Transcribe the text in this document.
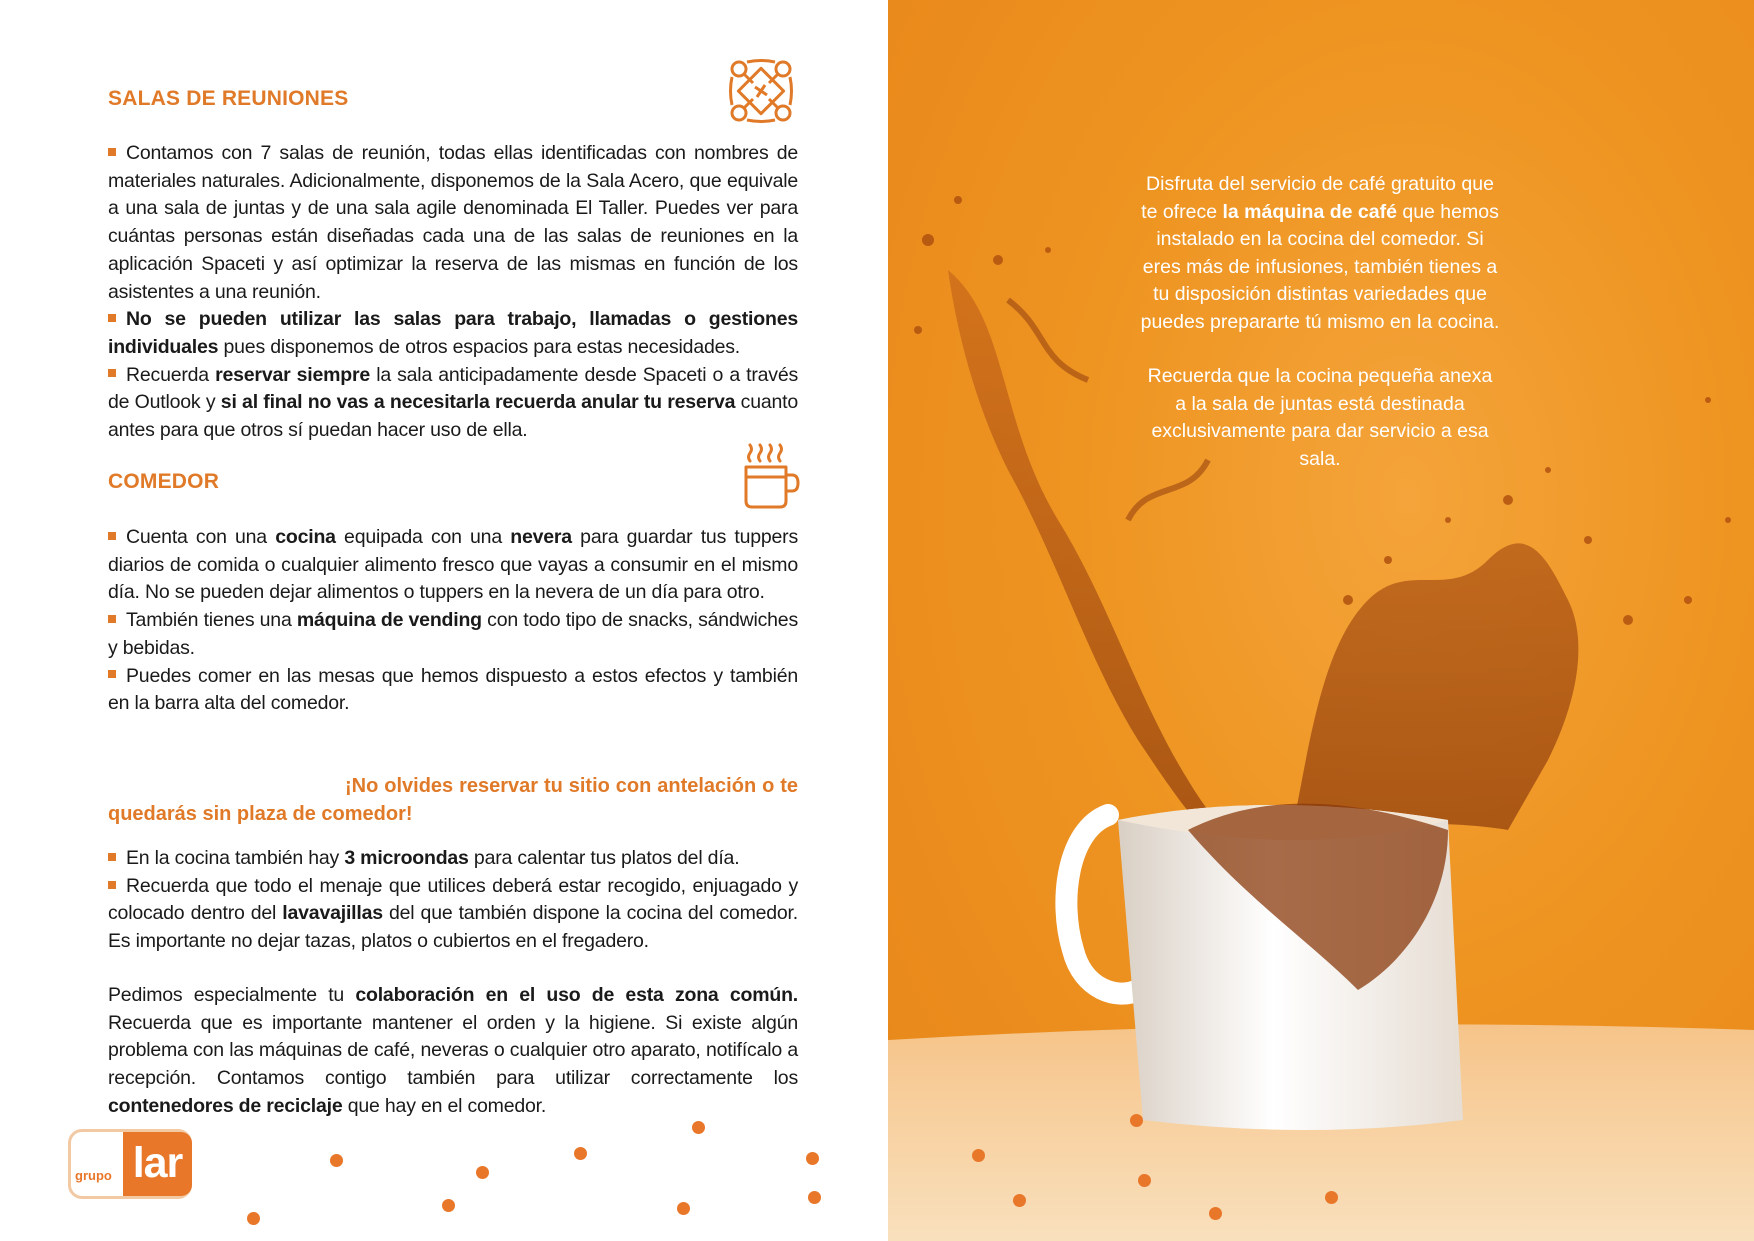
SALAS DE REUNIONES

Contamos con 7 salas de reunión, todas ellas identificadas con nombres de materiales naturales. Adicionalmente, disponemos de la Sala Acero, que equivale a una sala de juntas y de una sala agile denominada El Taller. Puedes ver para cuántas personas están diseñadas cada una de las salas de reuniones en la aplicación Spaceti y así optimizar la reserva de las mismas en función de los asistentes a una reunión.

No se pueden utilizar las salas para trabajo, llamadas o gestiones individuales pues disponemos de otros espacios para estas necesidades.

Recuerda reservar siempre la sala anticipadamente desde Spaceti o a través de Outlook y si al final no vas a necesitarla recuerda anular tu reserva cuanto antes para que otros sí puedan hacer uso de ella.

COMEDOR

Cuenta con una cocina equipada con una nevera para guardar tus tuppers diarios de comida o cualquier alimento fresco que vayas a consumir en el mismo día. No se pueden dejar alimentos o tuppers en la nevera de un día para otro.

También tienes una máquina de vending con todo tipo de snacks, sándwiches y bebidas.

Puedes comer en las mesas que hemos dispuesto a estos efectos y también en la barra alta del comedor.

¡No olvides reservar tu sitio con antelación o te quedarás sin plaza de comedor!

En la cocina también hay 3 microondas para calentar tus platos del día.

Recuerda que todo el menaje que utilices deberá estar recogido, enjuagado y colocado dentro del lavavajillas del que también dispone la cocina del comedor. Es importante no dejar tazas, platos o cubiertos en el fregadero.

Pedimos especialmente tu colaboración en el uso de esta zona común. Recuerda que es importante mantener el orden y la higiene. Si existe algún problema con las máquinas de café, neveras o cualquier otro aparato, notifícalo a recepción. Contamos contigo también para utilizar correctamente los contenedores de reciclaje que hay en el comedor.

grupo lar

Disfruta del servicio de café gratuito que te ofrece la máquina de café que hemos instalado en la cocina del comedor. Si eres más de infusiones, también tienes a tu disposición distintas variedades que puedes prepararte tú mismo en la cocina.

Recuerda que la cocina pequeña anexa a la sala de juntas está destinada exclusivamente para dar servicio a esa sala.
